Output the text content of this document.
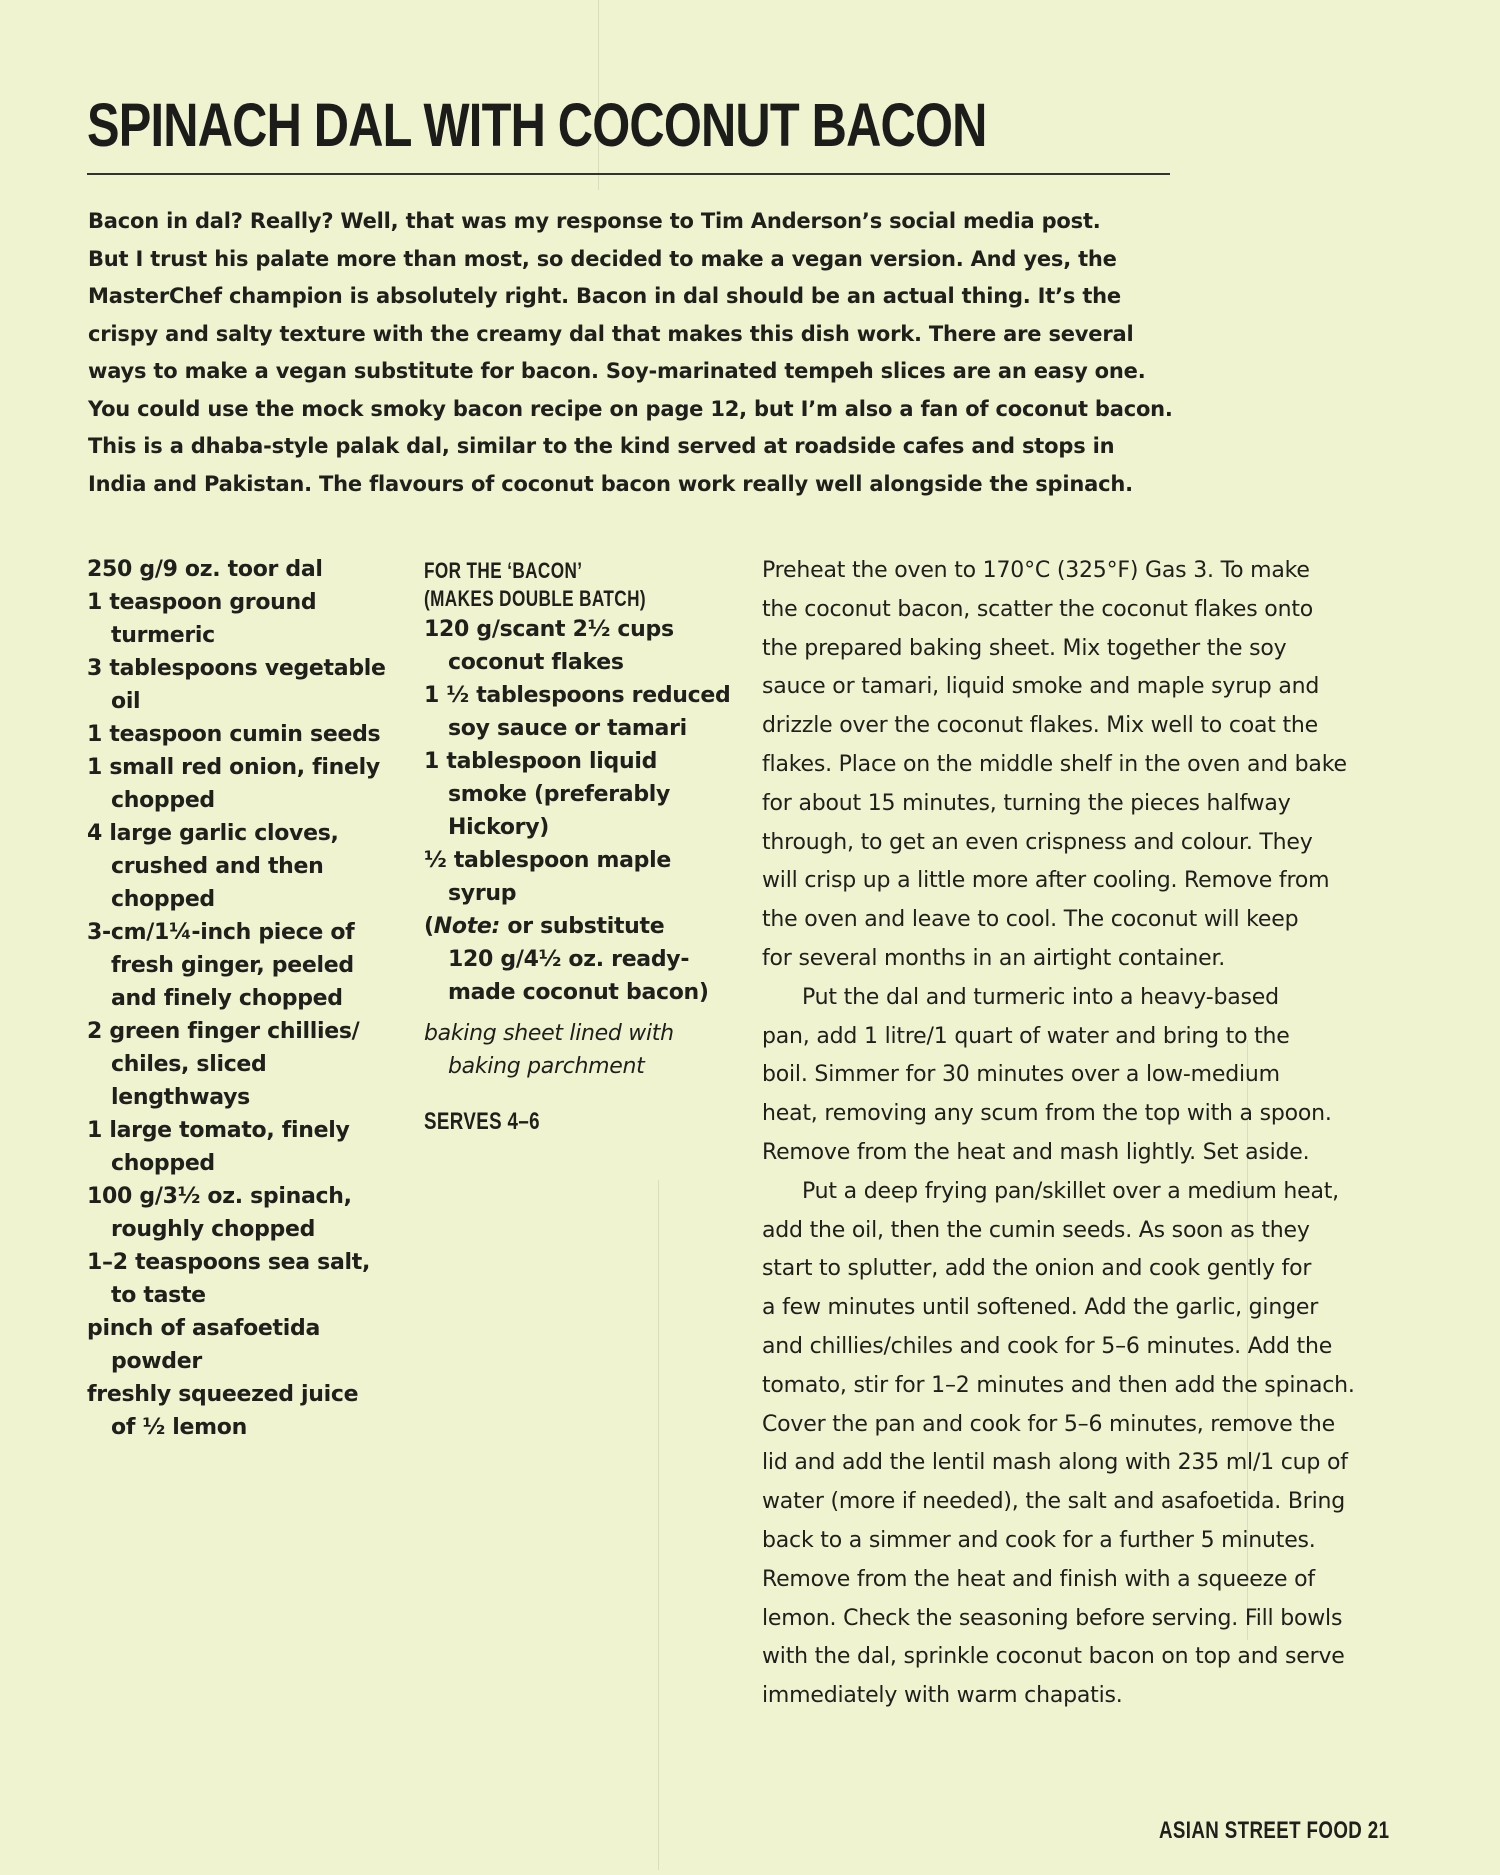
SPINACH DAL WITH COCONUT BACON
Bacon in dal? Really? Well, that was my response to Tim Anderson’s social media post.
But I trust his palate more than most, so decided to make a vegan version. And yes, the
MasterChef champion is absolutely right. Bacon in dal should be an actual thing. It’s the
crispy and salty texture with the creamy dal that makes this dish work. There are several
ways to make a vegan substitute for bacon. Soy-marinated tempeh slices are an easy one.
You could use the mock smoky bacon recipe on page 12, but I’m also a fan of coconut bacon.
This is a dhaba-style palak dal, similar to the kind served at roadside cafes and stops in
India and Pakistan. The flavours of coconut bacon work really well alongside the spinach.

250 g/9 oz. toor dal

1 teaspoon ground
turmeric

3 tablespoons vegetable
oil

1 teaspoon cumin seeds

1 small red onion, finely
chopped

4 large garlic cloves,
crushed and then
chopped

3-cm/1¼-inch piece of
fresh ginger, peeled
and finely chopped

2 green finger chillies/
chiles, sliced
lengthways

1 large tomato, finely
chopped

100 g/3½ oz. spinach,
roughly chopped

1–2 teaspoons sea salt,
to taste

pinch of asafoetida
powder

freshly squeezed juice
of ½ lemon

FOR THE ‘BACON’
(MAKES DOUBLE BATCH)

120 g/scant 2½ cups
coconut flakes

1 ½ tablespoons reduced
soy sauce or tamari

1 tablespoon liquid
smoke (preferably
Hickory)

½ tablespoon maple
syrup

(Note: or substitute
120 g/4½ oz. ready-
made coconut bacon)

baking sheet lined with
baking parchment

SERVES 4–6

Preheat the oven to 170°C (325°F) Gas 3. To make
the coconut bacon, scatter the coconut flakes onto
the prepared baking sheet. Mix together the soy
sauce or tamari, liquid smoke and maple syrup and
drizzle over the coconut flakes. Mix well to coat the
flakes. Place on the middle shelf in the oven and bake
for about 15 minutes, turning the pieces halfway
through, to get an even crispness and colour. They
will crisp up a little more after cooling. Remove from
the oven and leave to cool. The coconut will keep
for several months in an airtight container.

Put the dal and turmeric into a heavy-based
pan, add 1 litre/1 quart of water and bring to the
boil. Simmer for 30 minutes over a low-medium
heat, removing any scum from the top with a spoon.
Remove from the heat and mash lightly. Set aside.

Put a deep frying pan/skillet over a medium heat,
add the oil, then the cumin seeds. As soon as they
start to splutter, add the onion and cook gently for
a few minutes until softened. Add the garlic, ginger
and chillies/chiles and cook for 5–6 minutes. Add the
tomato, stir for 1–2 minutes and then add the spinach.
Cover the pan and cook for 5–6 minutes, remove the
lid and add the lentil mash along with 235 ml/1 cup of
water (more if needed), the salt and asafoetida. Bring
back to a simmer and cook for a further 5 minutes.
Remove from the heat and finish with a squeeze of
lemon. Check the seasoning before serving. Fill bowls
with the dal, sprinkle coconut bacon on top and serve
immediately with warm chapatis.

ASIAN STREET FOOD 21
